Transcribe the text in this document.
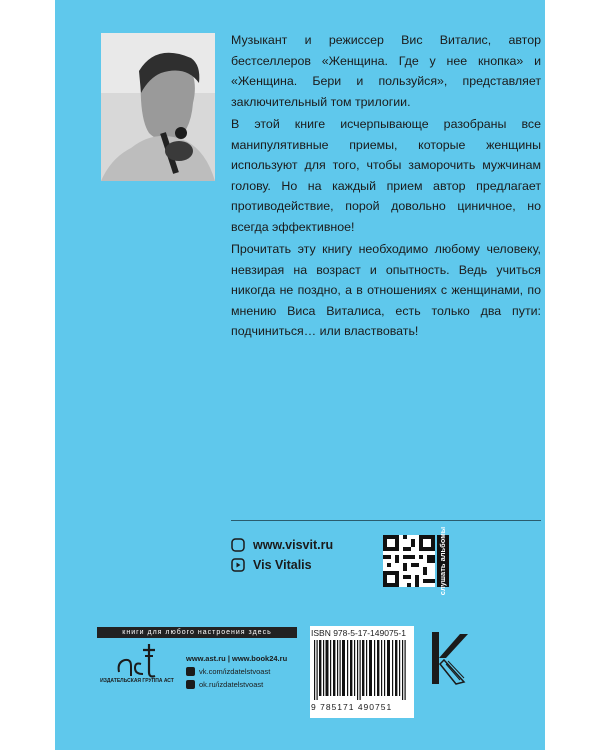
Музыкант и режиссер Вис Виталис, автор бестселлеров «Женщина. Где у нее кнопка» и «Женщина. Бери и пользуйся», представляет заключительный том трилогии.

В этой книге исчерпывающе разобраны все манипулятивные приемы, которые женщины используют для того, чтобы заморочить мужчинам голову. Но на каждый прием автор предлагает противодействие, порой довольно циничное, но всегда эффективное!

Прочитать эту книгу необходимо любому человеку, невзирая на возраст и опытность. Ведь учиться никогда не поздно, а в отношениях с женщинами, по мнению Виса Виталиса, есть только два пути: подчиниться… или властвовать!

www.visvit.ru
Vis Vitalis	слушать альбомы
книги для любого настроения здесь
ИЗДАТЕЛЬСКАЯ ГРУППА АСТ
www.ast.ru | www.book24.ru
vk.com/izdatelstvoast
ok.ru/izdatelstvoast
ISBN 978-5-17-149075-1
9 785171 490751
